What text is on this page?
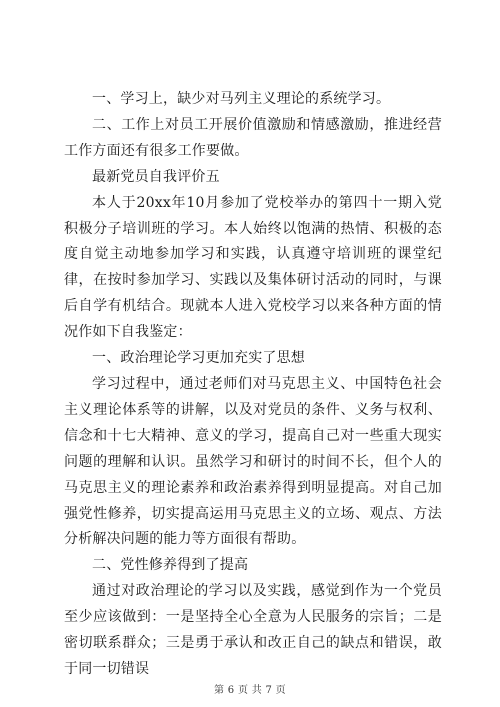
一、学习上，缺少对马列主义理论的系统学习。

二、工作上对员工开展价值激励和情感激励，推进经营工作方面还有很多工作要做。

最新党员自我评价五

本人于20xx年10月参加了党校举办的第四十一期入党积极分子培训班的学习。本人始终以饱满的热情、积极的态度自觉主动地参加学习和实践，认真遵守培训班的课堂纪律，在按时参加学习、实践以及集体研讨活动的同时，与课后自学有机结合。现就本人进入党校学习以来各种方面的情况作如下自我鉴定：

一、政治理论学习更加充实了思想

学习过程中，通过老师们对马克思主义、中国特色社会主义理论体系等的讲解，以及对党员的条件、义务与权利、信念和十七大精神、意义的学习，提高自己对一些重大现实问题的理解和认识。虽然学习和研讨的时间不长，但个人的马克思主义的理论素养和政治素养得到明显提高。对自己加强党性修养，切实提高运用马克思主义的立场、观点、方法分析解决问题的能力等方面很有帮助。

二、党性修养得到了提高

通过对政治理论的学习以及实践，感觉到作为一个党员至少应该做到：一是坚持全心全意为人民服务的宗旨；二是密切联系群众；三是勇于承认和改正自己的缺点和错误，敢于同一切错误

第 6 页 共 7 页
